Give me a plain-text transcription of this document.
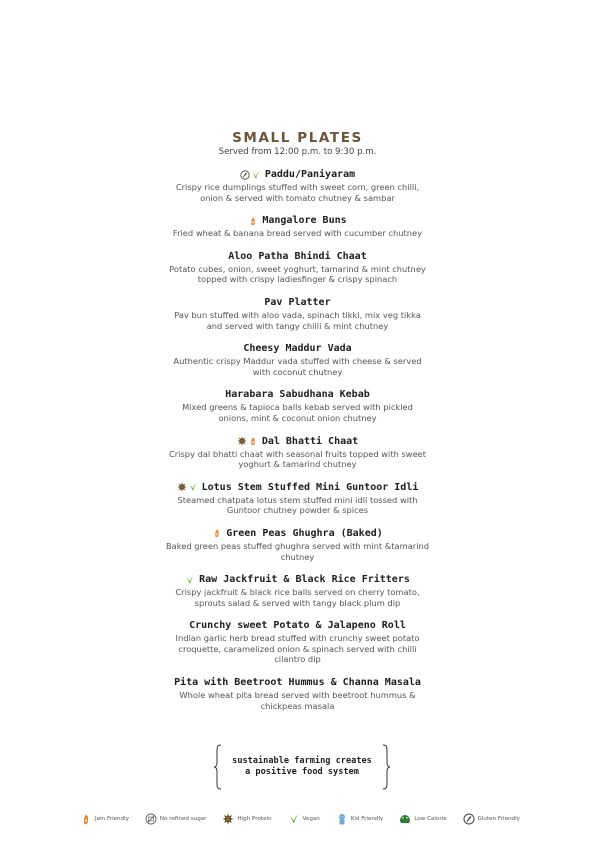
SMALL PLATES
Served from 12:00 p.m. to 9:30 p.m.
Paddu/Paniyaram
Crispy rice dumplings stuffed with sweet corn, green chilli,
onion & served with tomato chutney & sambar
Mangalore Buns
Fried wheat & banana bread served with cucumber chutney
Aloo Patha Bhindi Chaat
Potato cubes, onion, sweet yoghurt, tamarind & mint chutney
topped with crispy ladiesfinger & crispy spinach
Pav Platter
Pav bun stuffed with aloo vada, spinach tikki, mix veg tikka
and served with tangy chilli & mint chutney
Cheesy Maddur Vada
Authentic crispy Maddur vada stuffed with cheese & served
with coconut chutney
Harabara Sabudhana Kebab
Mixed greens & tapioca balls kebab served with pickled
onions, mint & coconut onion chutney
Dal Bhatti Chaat
Crispy dal bhatti chaat with seasonal fruits topped with sweet
yoghurt & tamarind chutney
Lotus Stem Stuffed Mini Guntoor Idli
Steamed chatpata lotus stem stuffed mini idli tossed with
Guntoor chutney powder & spices
Green Peas Ghughra (Baked)
Baked green peas stuffed ghughra served with mint &tamarind
chutney
Raw Jackfruit & Black Rice Fritters
Crispy jackfruit & black rice balls served on cherry tomato,
sprouts salad & served with tangy black plum dip
Crunchy sweet Potato & Jalapeno Roll
Indian garlic herb bread stuffed with crunchy sweet potato
croquette, caramelized onion & spinach served with chilli
cilantro dip
Pita with Beetroot Hummus & Channa Masala
Whole wheat pita bread served with beetroot hummus &
chickpeas masala
sustainable farming creates
a positive food system
Jain Friendly	No refined sugar	High Protein	Vegan	Kid Friendly	Low Calorie	Gluten Friendly
